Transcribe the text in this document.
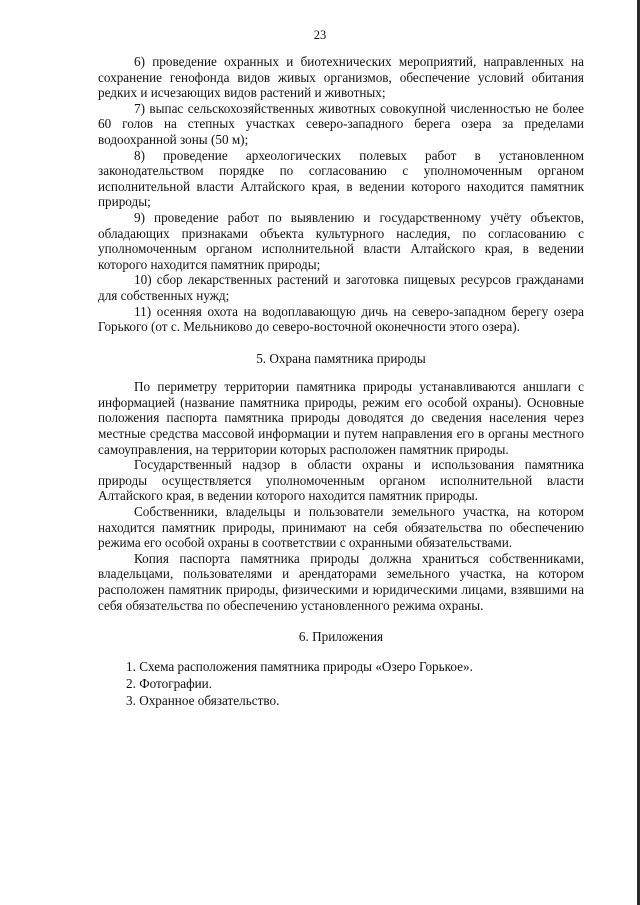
23

6) проведение охранных и биотехнических мероприятий, направленных на сохранение генофонда видов живых организмов, обеспечение условий обитания редких и исчезающих видов растений и животных;

7) выпас сельскохозяйственных животных совокупной численностью не более 60 голов на степных участках северо-западного берега озера за пределами водоохранной зоны (50 м);

8) проведение археологических полевых работ в установленном законодательством порядке по согласованию с уполномоченным органом исполнительной власти Алтайского края, в ведении которого находится памятник природы;

9) проведение работ по выявлению и государственному учёту объектов, обладающих признаками объекта культурного наследия, по согласованию с уполномоченным органом исполнительной власти Алтайского края, в ведении которого находится памятник природы;

10) сбор лекарственных растений и заготовка пищевых ресурсов гражданами для собственных нужд;

11) осенняя охота на водоплавающую дичь на северо-западном берегу озера Горького (от с. Мельниково до северо-восточной оконечности этого озера).

5. Охрана памятника природы

По периметру территории памятника природы устанавливаются аншлаги с информацией (название памятника природы, режим его особой охраны). Основные положения паспорта памятника природы доводятся до сведения населения через местные средства массовой информации и путем направления его в органы местного самоуправления, на территории которых расположен памятник природы.

Государственный надзор в области охраны и использования памятника природы осуществляется уполномоченным органом исполнительной власти Алтайского края, в ведении которого находится памятник природы.

Собственники, владельцы и пользователи земельного участка, на котором находится памятник природы, принимают на себя обязательства по обеспечению режима его особой охраны в соответствии с охранными обязательствами.

Копия паспорта памятника природы должна храниться собственниками, владельцами, пользователями и арендаторами земельного участка, на котором расположен памятник природы, физическими и юридическими лицами, взявшими на себя обязательства по обеспечению установленного режима охраны.

6. Приложения

1. Схема расположения памятника природы «Озеро Горькое».
2. Фотографии.
3. Охранное обязательство.
